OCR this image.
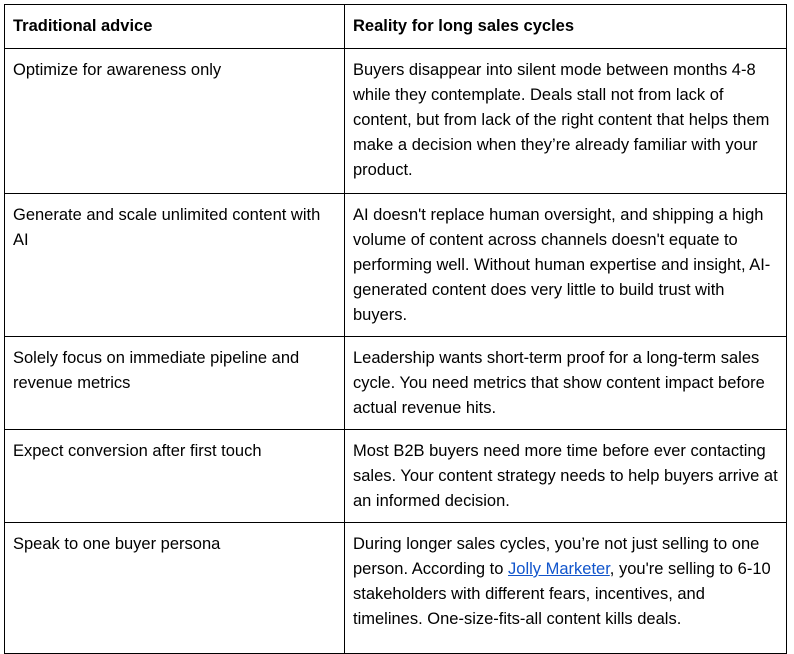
Traditional advice	Reality for long sales cycles
Optimize for awareness only	Buyers disappear into silent mode between months 4-8 while they contemplate. Deals stall not from lack of content, but from lack of the right content that helps them make a decision when they’re already familiar with your product.
Generate and scale unlimited content with AI	AI doesn't replace human oversight, and shipping a high volume of content across channels doesn't equate to performing well. Without human expertise and insight, AI-generated content does very little to build trust with buyers.
Solely focus on immediate pipeline and revenue metrics	Leadership wants short-term proof for a long-term sales cycle. You need metrics that show content impact before actual revenue hits.
Expect conversion after first touch	Most B2B buyers need more time before ever contacting sales. Your content strategy needs to help buyers arrive at an informed decision.
Speak to one buyer persona	During longer sales cycles, you’re not just selling to one person. According to Jolly Marketer, you're selling to 6-10 stakeholders with different fears, incentives, and timelines. One-size-fits-all content kills deals.
